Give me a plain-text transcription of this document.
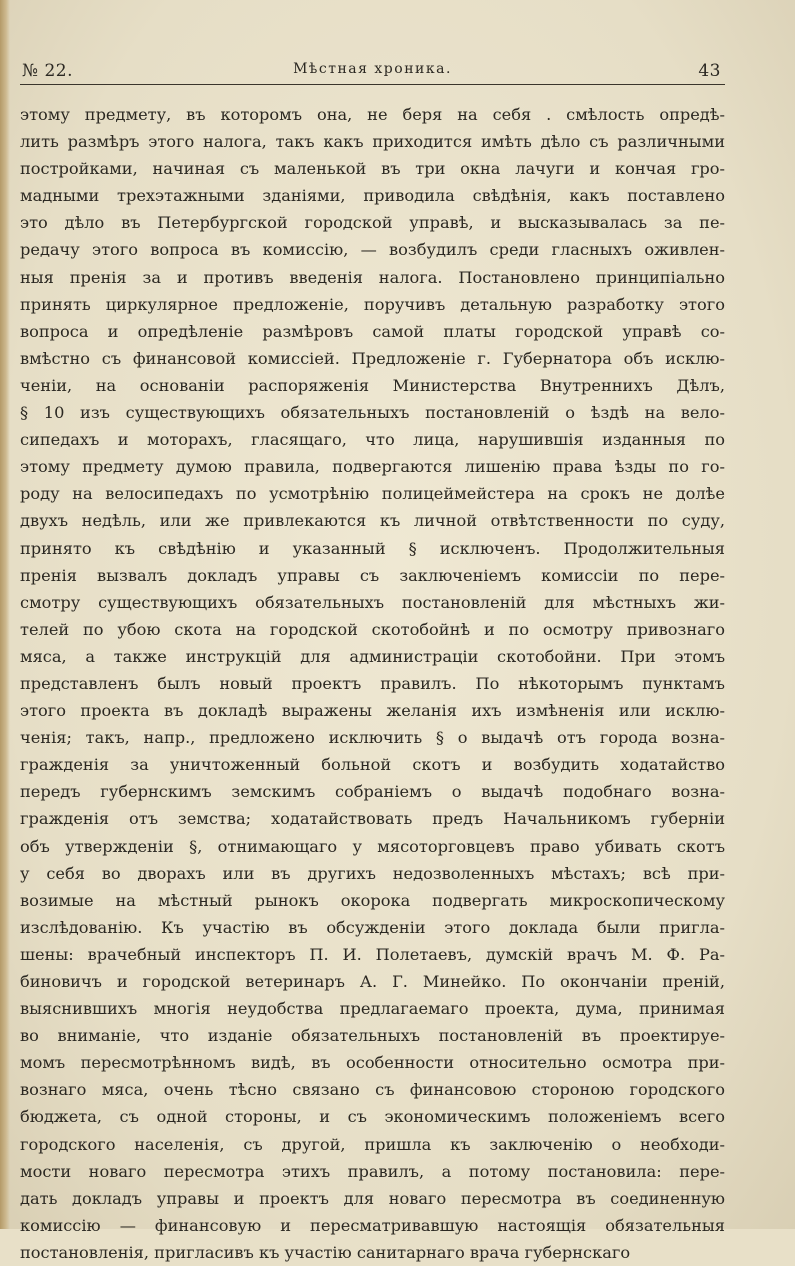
№ 22.	Мѣстная хроника.	43
этому предмету, въ которомъ она, не беря на себя . смѣлость опредѣ-
лить размѣръ этого налога, такъ какъ приходится имѣть дѣло съ различными
постройками, начиная съ маленькой въ три окна лачуги и кончая гро-
мадными трехэтажными зданіями, приводила свѣдѣнія, какъ поставлено
это дѣло въ Петербургской городской управѣ, и высказывалась за пе-
редачу этого вопроса въ комиссію, — возбудилъ среди гласныхъ оживлен-
ныя пренія за и противъ введенія налога. Постановлено принципіально
принять циркулярное предложеніе, поручивъ детальную разработку этого
вопроса и опредѣленіе размѣровъ самой платы городской управѣ со-
вмѣстно съ финансовой комиссіей. Предложеніе г. Губернатора объ исклю-
ченіи, на основаніи распоряженія Министерства Внутреннихъ Дѣлъ,
§ 10 изъ существующихъ обязательныхъ постановленій о ѣздѣ на вело-
сипедахъ и моторахъ, гласящаго, что лица, нарушившія изданныя по
этому предмету думою правила, подвергаются лишенію права ѣзды по го-
роду на велосипедахъ по усмотрѣнію полицеймейстера на срокъ не долѣе
двухъ недѣль, или же привлекаются къ личной отвѣтственности по суду,
принято къ свѣдѣнію и указанный § исключенъ. Продолжительныя
пренія вызвалъ докладъ управы съ заключеніемъ комиссіи по пере-
смотру существующихъ обязательныхъ постановленій для мѣстныхъ жи-
телей по убою скота на городской скотобойнѣ и по осмотру привознаго
мяса, а также инструкцій для администраціи скотобойни. При этомъ
представленъ былъ новый проектъ правилъ. По нѣкоторымъ пунктамъ
этого проекта въ докладѣ выражены желанія ихъ измѣненія или исклю-
ченія; такъ, напр., предложено исключить § о выдачѣ отъ города возна-
гражденія за уничтоженный больной скотъ и возбудить ходатайство
передъ губернскимъ земскимъ собраніемъ о выдачѣ подобнаго возна-
гражденія отъ земства; ходатайствовать предъ Начальникомъ губерніи
объ утвержденіи §, отнимающаго у мясоторговцевъ право убивать скотъ
у себя во дворахъ или въ другихъ недозволенныхъ мѣстахъ; всѣ при-
возимые на мѣстный рынокъ окорока подвергать микроскопическому
изслѣдованію. Къ участію въ обсужденіи этого доклада были пригла-
шены: врачебный инспекторъ П. И. Полетаевъ, думскій врачъ М. Ф. Ра-
биновичъ и городской ветеринаръ А. Г. Минейко. По окончаніи преній,
выяснившихъ многія неудобства предлагаемаго проекта, дума, принимая
во вниманіе, что изданіе обязательныхъ постановленій въ проектируе-
момъ пересмотрѣнномъ видѣ, въ особенности относительно осмотра при-
вознаго мяса, очень тѣсно связано съ финансовою стороною городского
бюджета, съ одной стороны, и съ экономическимъ положеніемъ всего
городского населенія, съ другой, пришла къ заключенію о необходи-
мости новаго пересмотра этихъ правилъ, а потому постановила: пере-
дать докладъ управы и проектъ для новаго пересмотра въ соединенную
комиссію — финансовую и пересматривавшую настоящія обязательныя
постановленія, пригласивъ къ участію санитарнаго врача губернскаго
